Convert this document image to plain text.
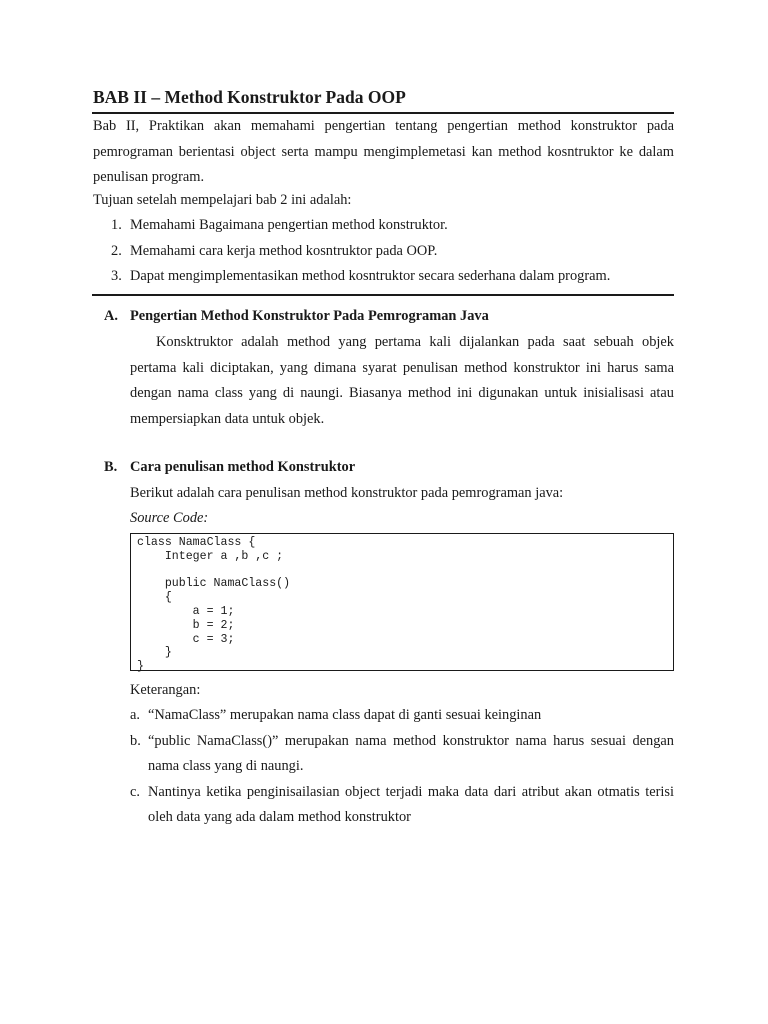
BAB II – Method Konstruktor Pada OOP

Bab II, Praktikan akan memahami pengertian tentang pengertian method konstruktor pada pemrograman berientasi object serta mampu mengimplemetasi kan method kosntruktor ke dalam penulisan program.

Tujuan setelah mempelajari bab 2 ini adalah:

1. Memahami Bagaimana pengertian method konstruktor.
2. Memahami cara kerja method kosntruktor pada OOP.
3. Dapat mengimplementasikan method kosntruktor secara sederhana dalam program.
A. Pengertian Method Konstruktor Pada Pemrograman Java

Konsktruktor adalah method yang pertama kali dijalankan pada saat sebuah objek pertama kali diciptakan, yang dimana syarat penulisan method konstruktor ini harus sama dengan nama class yang di naungi. Biasanya method ini digunakan untuk inisialisasi atau mempersiapkan data untuk objek.

B. Cara penulisan method Konstruktor

Berikut adalah cara penulisan method konstruktor pada pemrograman java:

Source Code:
class NamaClass {
Integer a ,b ,c ;
public NamaClass()
{
a = 1;
b = 2;
c = 3;
}
}
Keterangan:
a. “NamaClass” merupakan nama class dapat di ganti sesuai keinginan
b. “public NamaClass()” merupakan nama method konstruktor nama harus sesuai dengan nama class yang di naungi.
c. Nantinya ketika penginisailasian object terjadi maka data dari atribut akan otmatis terisi oleh data yang ada dalam method konstruktor
